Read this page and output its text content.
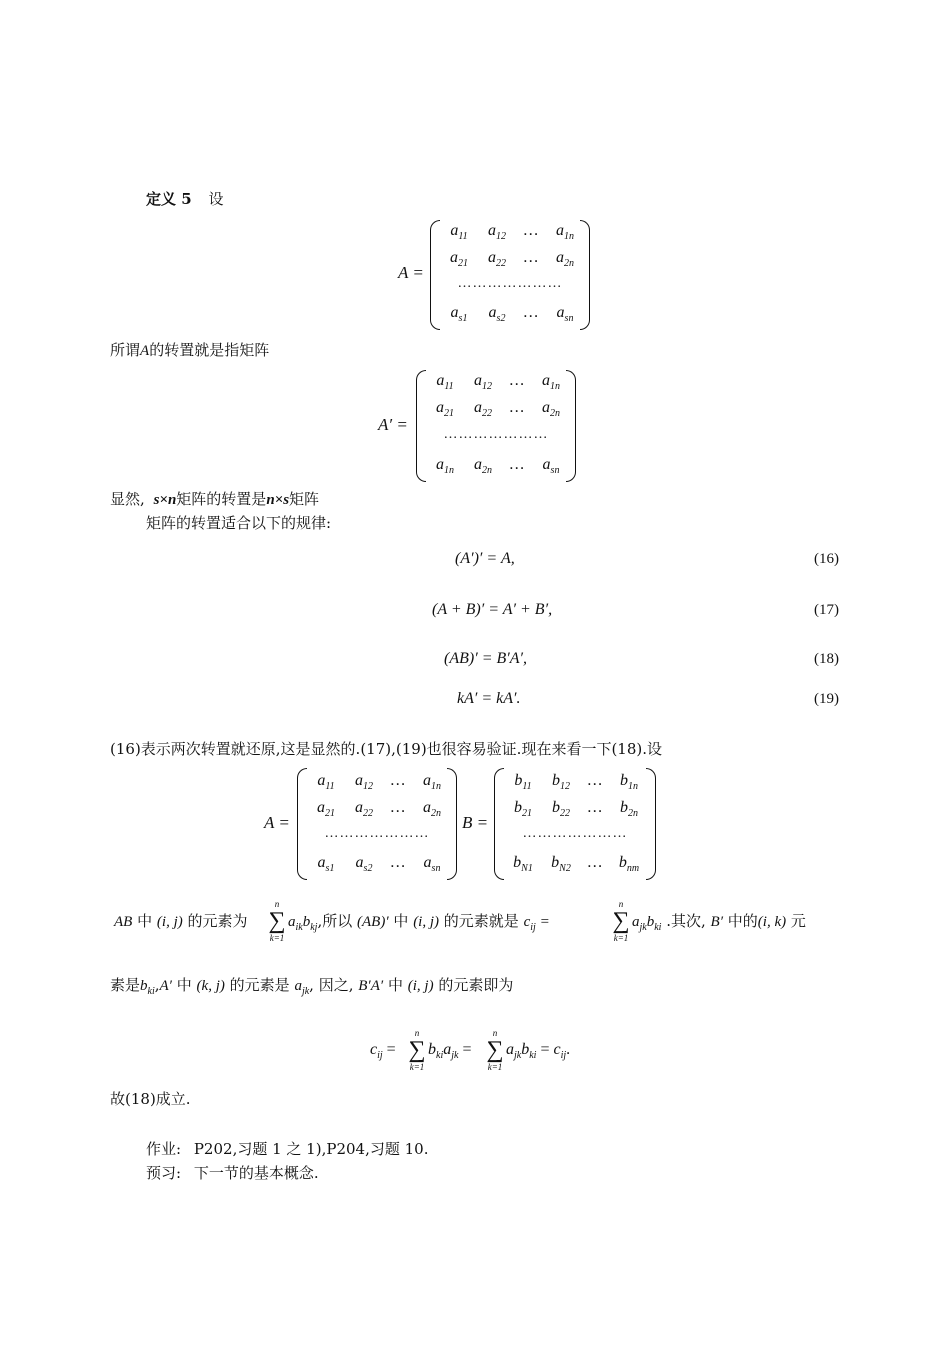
定义 5 设
A =
$a_{11}$	$a_{12}$	…	$a_{1n}$
$a_{21}$	$a_{22}$	…	$a_{2n}$
…………………
$a_{s1}$	$a_{s2}$	…	$a_{sn}$
所谓A的转置就是指矩阵
A′ =
$a_{11}$	$a_{12}$	…	$a_{1n}$
$a_{21}$	$a_{22}$	…	$a_{2n}$
…………………
$a_{1n}$	$a_{2n}$	…	$a_{sn}$
显然, s×n矩阵的转置是n×s矩阵
矩阵的转置适合以下的规律:
(A′)′ = A,	(16)
(A + B)′ = A′ + B′,	(17)
(AB)′ = B′A′,	(18)
kA′ = kA′.	(19)
(16)表示两次转置就还原,这是显然的.(17),(19)也很容易验证.现在来看一下(18).设
A =
$a_{11}$	$a_{12}$	…	$a_{1n}$
$a_{21}$	$a_{22}$	…	$a_{2n}$
…………………
$a_{s1}$	$a_{s2}$	…	$a_{sn}$
B =
$b_{11}$	$b_{12}$	…	$b_{1n}$
$b_{21}$	$b_{22}$	…	$b_{2n}$
…………………
$b_{N1}$	$b_{N2}$	…	$b_{nm}$
AB 中 (i, j) 的元素为
n
∑
k=1
$a_{ik}b_{kj}$,所以 (AB)′ 中 (i, j) 的元素就是 $c_{ij}$ =
n
∑
k=1
$a_{jk}b_{ki}$ .其次, B′ 中的(i, k) 元
素是$b_{ki},A'$ 中 (k, j) 的元素是 $a_{jk}$, 因之, B′A′ 中 (i, j) 的元素即为
$c_{ij}$ =
n
∑
k=1
$b_{ki}a_{jk}$ =
n
∑
k=1
$a_{jk}b_{ki} = c_{ij}$.
故(18)成立.
作业: P202,习题 1 之 1),P204,习题 10.
预习: 下一节的基本概念.
